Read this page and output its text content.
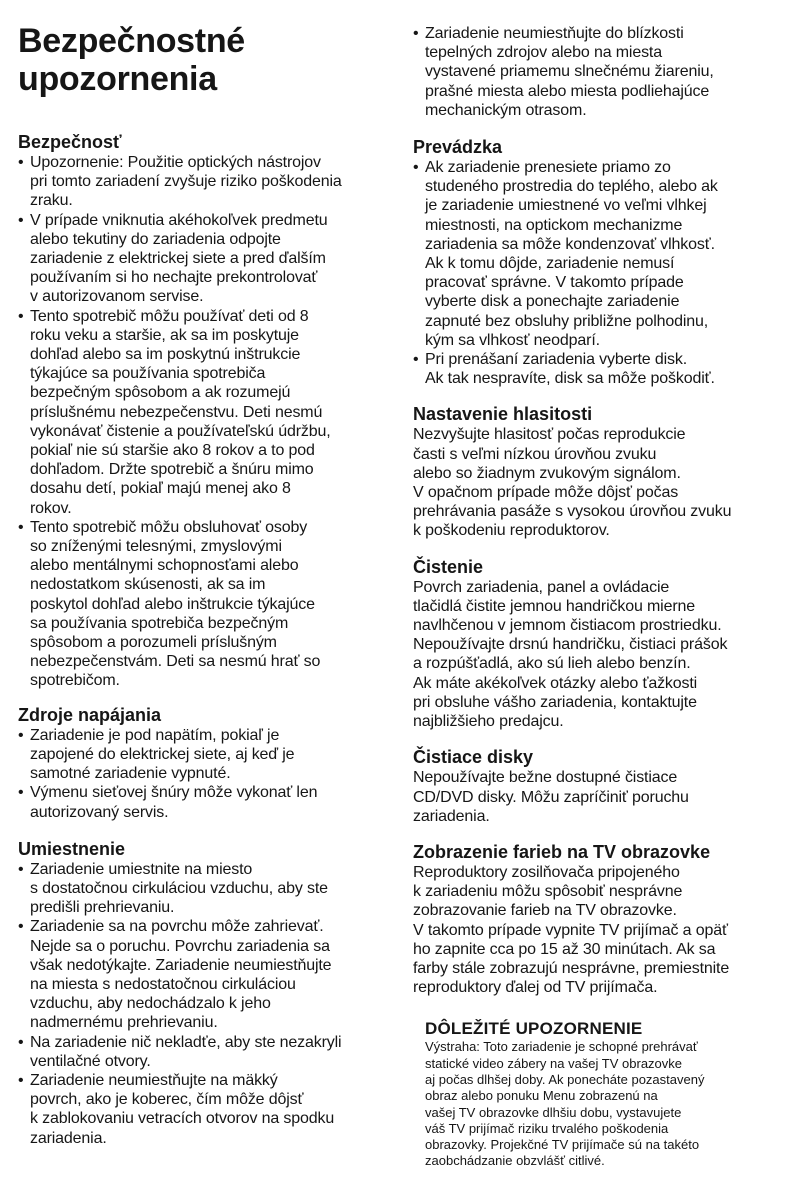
Bezpečnostné
upozornenia
Bezpečnosť
• Upozornenie: Použitie optických nástrojov
pri tomto zariadení zvyšuje riziko poškodenia
zraku.
• V prípade vniknutia akéhokoľvek predmetu
alebo tekutiny do zariadenia odpojte
zariadenie z elektrickej siete a pred ďalším
používaním si ho nechajte prekontrolovať
v autorizovanom servise.
• Tento spotrebič môžu používať deti od 8
roku veku a staršie, ak sa im poskytuje
dohľad alebo sa im poskytnú inštrukcie
týkajúce sa používania spotrebiča
bezpečným spôsobom a ak rozumejú
príslušnému nebezpečenstvu. Deti nesmú
vykonávať čistenie a používateľskú údržbu,
pokiaľ nie sú staršie ako 8 rokov a to pod
dohľadom. Držte spotrebič a šnúru mimo
dosahu detí, pokiaľ majú menej ako 8
rokov.
• Tento spotrebič môžu obsluhovať osoby
so zníženými telesnými, zmyslovými
alebo mentálnymi schopnosťami alebo
nedostatkom skúsenosti, ak sa im
poskytol dohľad alebo inštrukcie týkajúce
sa používania spotrebiča bezpečným
spôsobom a porozumeli príslušným
nebezpečenstvám. Deti sa nesmú hrať so
spotrebičom.
Zdroje napájania
• Zariadenie je pod napätím, pokiaľ je
zapojené do elektrickej siete, aj keď je
samotné zariadenie vypnuté.
• Výmenu sieťovej šnúry môže vykonať len
autorizovaný servis.
Umiestnenie
• Zariadenie umiestnite na miesto
s dostatočnou cirkuláciou vzduchu, aby ste
predišli prehrievaniu.
• Zariadenie sa na povrchu môže zahrievať.
Nejde sa o poruchu. Povrchu zariadenia sa
však nedotýkajte. Zariadenie neumiestňujte
na miesta s nedostatočnou cirkuláciou
vzduchu, aby nedochádzalo k jeho
nadmernému prehrievaniu.
• Na zariadenie nič nekladťe, aby ste nezakryli
ventilačné otvory.
• Zariadenie neumiestňujte na mäkký
povrch, ako je koberec, čím môže dôjsť
k zablokovaniu vetracích otvorov na spodku
zariadenia.
• Zariadenie neumiestňujte do blízkosti
tepelných zdrojov alebo na miesta
vystavené priamemu slnečnému žiareniu,
prašné miesta alebo miesta podliehajúce
mechanickým otrasom.
Prevádzka
• Ak zariadenie prenesiete priamo zo
studeného prostredia do teplého, alebo ak
je zariadenie umiestnené vo veľmi vlhkej
miestnosti, na optickom mechanizme
zariadenia sa môže kondenzovať vlhkosť.
Ak k tomu dôjde, zariadenie nemusí
pracovať správne. V takomto prípade
vyberte disk a ponechajte zariadenie
zapnuté bez obsluhy približne polhodinu,
kým sa vlhkosť neodparí.
• Pri prenášaní zariadenia vyberte disk.
Ak tak nespravíte, disk sa môže poškodiť.
Nastavenie hlasitosti

Nezvyšujte hlasitosť počas reprodukcie
časti s veľmi nízkou úrovňou zvuku
alebo so žiadnym zvukovým signálom.
V opačnom prípade môže dôjsť počas
prehrávania pasáže s vysokou úrovňou zvuku
k poškodeniu reproduktorov.

Čistenie

Povrch zariadenia, panel a ovládacie
tlačidlá čistite jemnou handričkou mierne
navlhčenou v jemnom čistiacom prostriedku.
Nepoužívajte drsnú handričku, čistiaci prášok
a rozpúšťadlá, ako sú lieh alebo benzín.
Ak máte akékoľvek otázky alebo ťažkosti
pri obsluhe vášho zariadenia, kontaktujte
najbližšieho predajcu.

Čistiace disky

Nepoužívajte bežne dostupné čistiace
CD/DVD disky. Môžu zapríčiniť poruchu
zariadenia.

Zobrazenie farieb na TV obrazovke

Reproduktory zosilňovača pripojeného
k zariadeniu môžu spôsobiť nesprávne
zobrazovanie farieb na TV obrazovke.
V takomto prípade vypnite TV prijímač a opäť
ho zapnite cca po 15 až 30 minútach. Ak sa
farby stále zobrazujú nesprávne, premiestnite
reproduktory ďalej od TV prijímača.

DÔLEŽITÉ UPOZORNENIE

Výstraha: Toto zariadenie je schopné prehrávať
statické video zábery na vašej TV obrazovke
aj počas dlhšej doby. Ak ponecháte pozastavený
obraz alebo ponuku Menu zobrazenú na
vašej TV obrazovke dlhšiu dobu, vystavujete
váš TV prijímač riziku trvalého poškodenia
obrazovky. Projekčné TV prijímače sú na takéto
zaobchádzanie obzvlášť citlivé.
